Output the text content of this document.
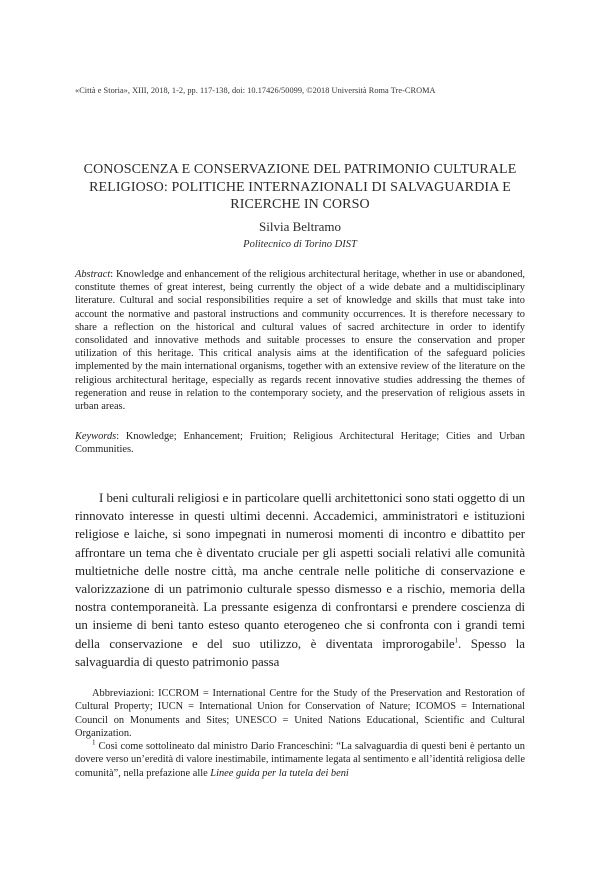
«Città e Storia», XIII, 2018, 1-2, pp. 117-138, doi: 10.17426/50099, ©2018 Università Roma Tre-CROMA
CONOSCENZA E CONSERVAZIONE DEL PATRIMONIO CULTURALE
RELIGIOSO: POLITICHE INTERNAZIONALI DI SALVAGUARDIA E
RICERCHE IN CORSO
Silvia Beltramo
Politecnico di Torino DIST
Abstract: Knowledge and enhancement of the religious architectural heritage, whether in use or abandoned, constitute themes of great interest, being currently the object of a wide debate and a multidisciplinary literature. Cultural and social responsibilities require a set of knowledge and skills that must take into account the normative and pastoral instructions and community occurrences. It is therefore necessary to share a reflection on the historical and cultural values of sacred architecture in order to identify consolidated and innovative methods and suitable processes to ensure the conservation and proper utilization of this heritage. This critical analysis aims at the identification of the safeguard policies implemented by the main international organisms, together with an extensive review of the literature on the religious architectural heritage, especially as regards recent innovative studies addressing the themes of regeneration and reuse in relation to the contemporary society, and the preservation of religious assets in urban areas.
Keywords: Knowledge; Enhancement; Fruition; Religious Architectural Heritage; Cities and Urban Communities.
I beni culturali religiosi e in particolare quelli architettonici sono stati oggetto di un rinnovato interesse in questi ultimi decenni. Accademici, amministratori e istituzioni religiose e laiche, si sono impegnati in numerosi momenti di incontro e dibattito per affrontare un tema che è diventato cruciale per gli aspetti sociali relativi alle comunità multietniche delle nostre città, ma anche centrale nelle politiche di conservazione e valorizzazione di un patrimonio culturale spesso dismesso e a rischio, memoria della nostra contemporaneità. La pressante esigenza di confrontarsi e prendere coscienza di un insieme di beni tanto esteso quanto eterogeneo che si confronta con i grandi temi della conservazione e del suo utilizzo, è diventata improrogabile$^1$. Spesso la salvaguardia di questo patrimonio passa
Abbreviazioni: ICCROM = International Centre for the Study of the Preservation and Restoration of Cultural Property; IUCN = International Union for Conservation of Nature; ICOMOS = International Council on Monuments and Sites; UNESCO = United Nations Educational, Scientific and Cultural Organization.
$^1$ Così come sottolineato dal ministro Dario Franceschini: “La salvaguardia di questi beni è pertanto un dovere verso un’eredità di valore inestimabile, intimamente legata al sentimento e all’identità religiosa delle comunità”, nella prefazione alle Linee guida per la tutela dei beni
